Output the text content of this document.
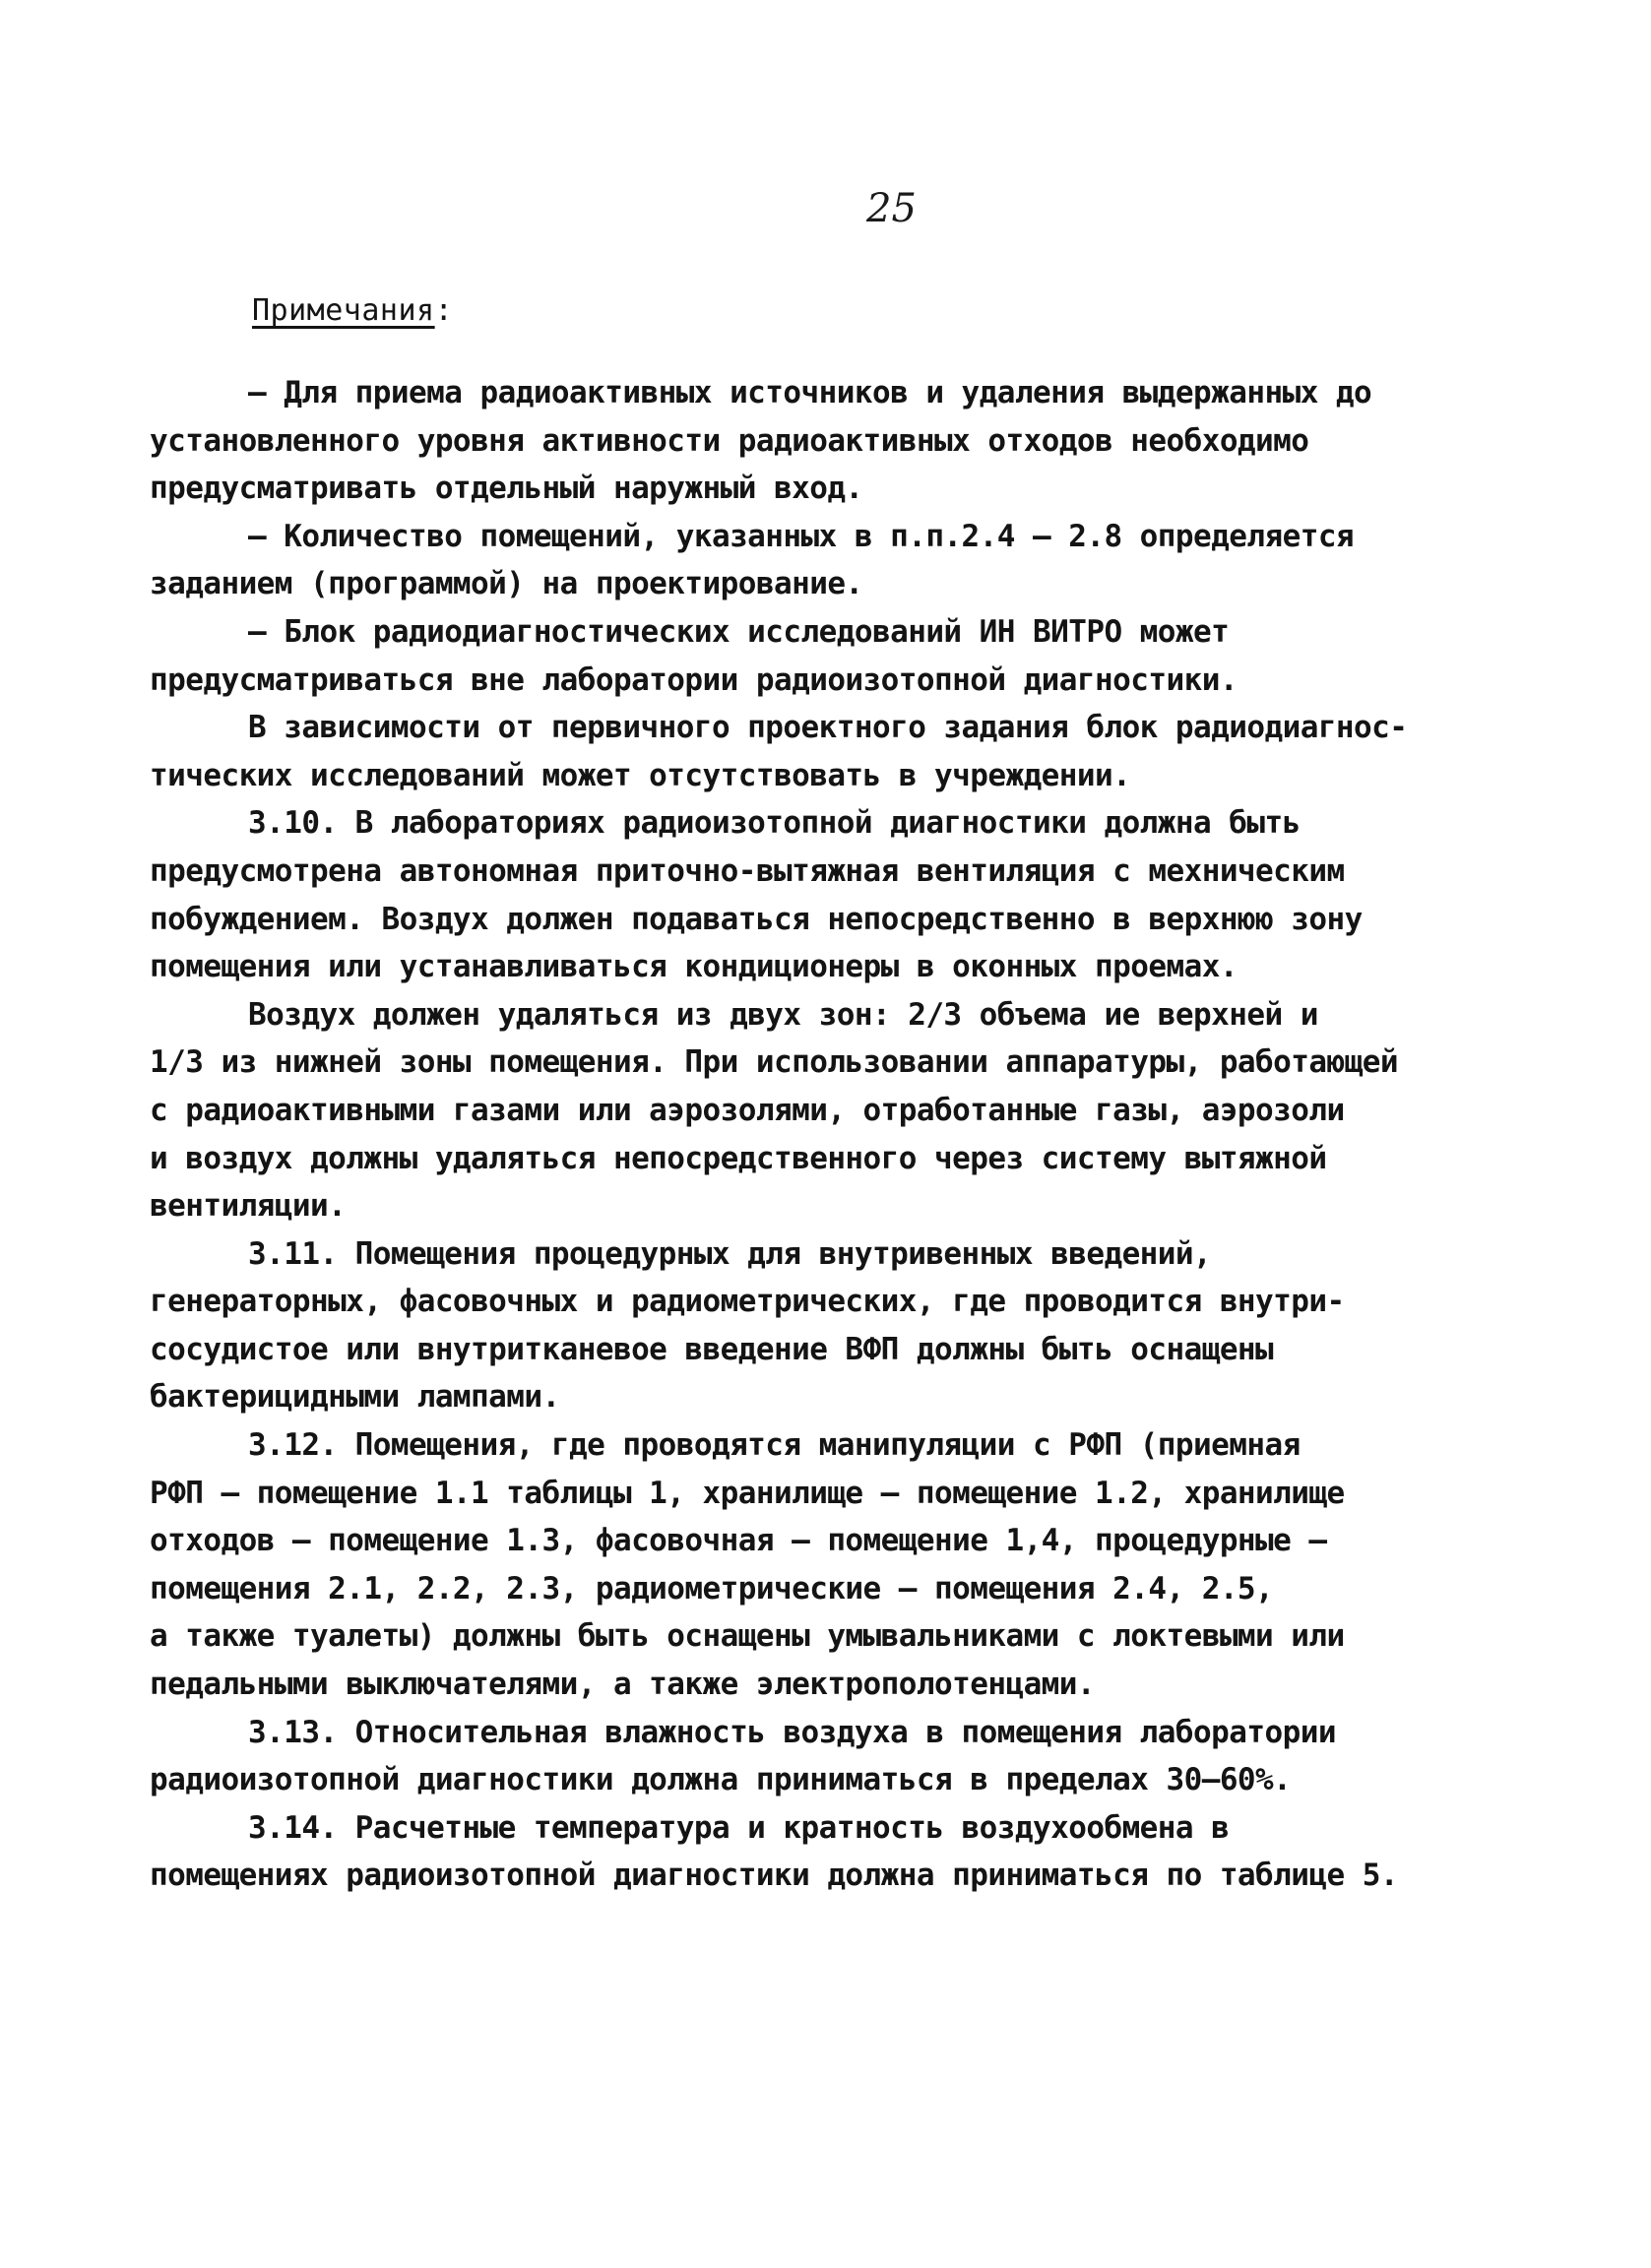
25

Примечания:

– Для приема радиоактивных источников и удаления выдержанных до
установленного уровня активности радиоактивных отходов необходимо
предусматривать отдельный наружный вход.
– Количество помещений, указанных в п.п.2.4 – 2.8 определяется
заданием (программой) на проектирование.
– Блок радиодиагностических исследований ИН ВИТРО может
предусматриваться вне лаборатории радиоизотопной диагностики.
В зависимости от первичного проектного задания блок радиодиагнос-
тических исследований может отсутствовать в учреждении.
3.10. В лабораториях радиоизотопной диагностики должна быть
предусмотрена автономная приточно-вытяжная вентиляция с мехническим
побуждением. Воздух должен подаваться непосредственно в верхнюю зону
помещения или устанавливаться кондиционеры в оконных проемах.
Воздух должен удаляться из двух зон: 2/3 объема ие верхней и
1/3 из нижней зоны помещения. При использовании аппаратуры, работающей
с радиоактивными газами или аэрозолями, отработанные газы, аэрозоли
и воздух должны удаляться непосредственного через систему вытяжной
вентиляции.
3.11. Помещения процедурных для внутривенных введений,
генераторных, фасовочных и радиометрических, где проводится внутри-
сосудистое или внутритканевое введение ВФП должны быть оснащены
бактерицидными лампами.
3.12. Помещения, где проводятся манипуляции с РФП (приемная
РФП – помещение 1.1 таблицы 1, хранилище – помещение 1.2, хранилище
отходов – помещение 1.3, фасовочная – помещение 1,4, процедурные –
помещения 2.1, 2.2, 2.3, радиометрические – помещения 2.4, 2.5,
а также туалеты) должны быть оснащены умывальниками с локтевыми или
педальными выключателями, а также электрополотенцами.
3.13. Относительная влажность воздуха в помещения лаборатории
радиоизотопной диагностики должна приниматься в пределах 30–60%.
3.14. Расчетные температура и кратность воздухообмена в
помещениях радиоизотопной диагностики должна приниматься по таблице 5.
